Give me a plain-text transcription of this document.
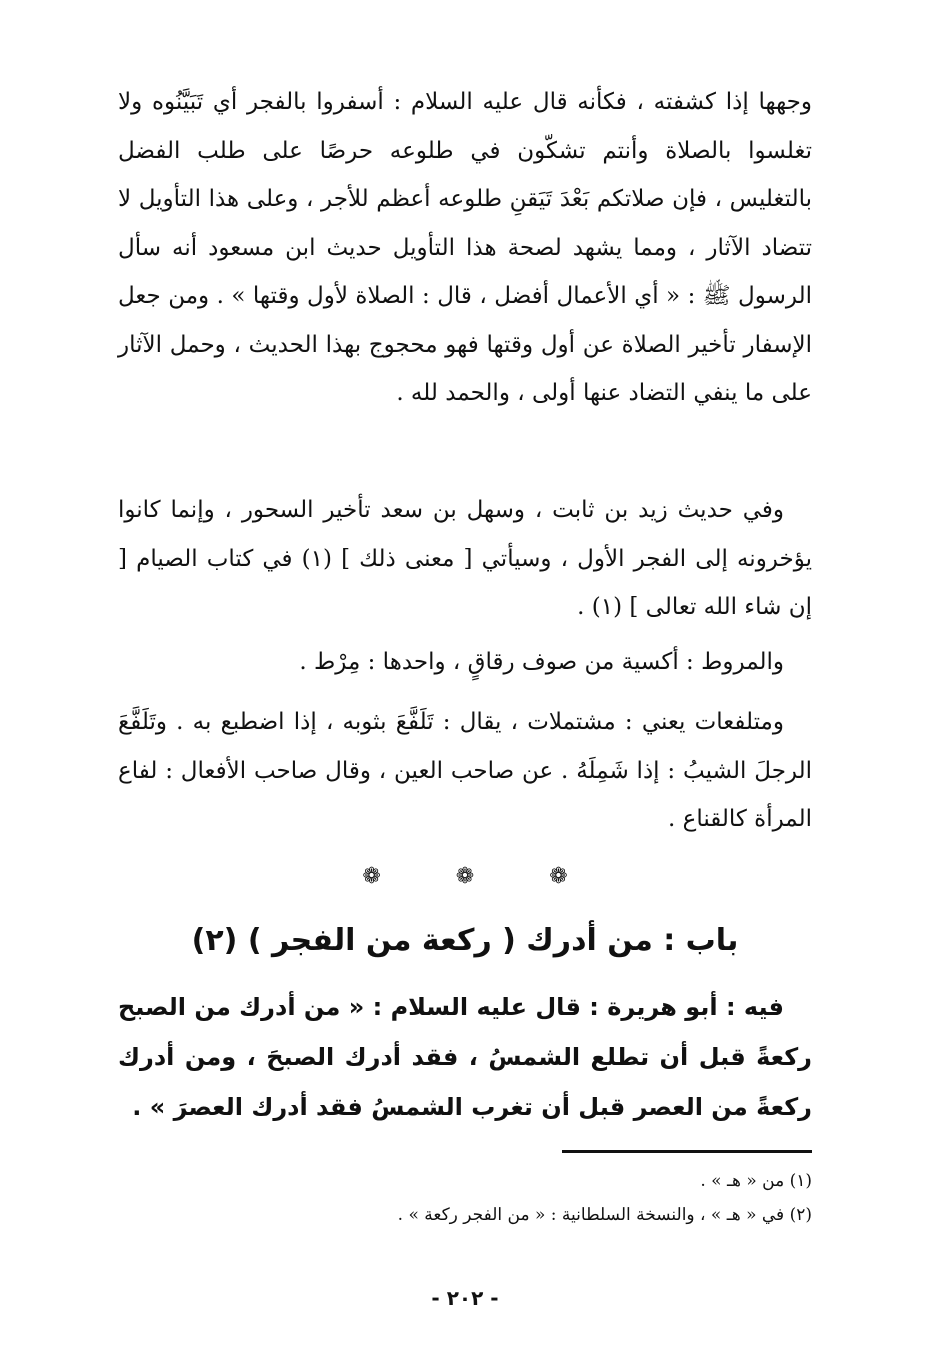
وجهها إذا كشفته ، فكأنه قال عليه السلام : أسفروا بالفجر أي تَبَيَّنُوه ولا تغلسوا بالصلاة وأنتم تشكّون في طلوعه حرصًا على طلب الفضل بالتغليس ، فإن صلاتكم بَعْدَ تَيَقنِ طلوعه أعظم للأجر ، وعلى هذا التأويل لا تتضاد الآثار ، ومما يشهد لصحة هذا التأويل حديث ابن مسعود أنه سأل الرسول ﷺ : « أي الأعمال أفضل ، قال : الصلاة لأول وقتها » . ومن جعل الإسفار تأخير الصلاة عن أول وقتها فهو محجوج بهذا الحديث ، وحمل الآثار على ما ينفي التضاد عنها أولى ، والحمد لله .

وفي حديث زيد بن ثابت ، وسهل بن سعد تأخير السحور ، وإنما كانوا يؤخرونه إلى الفجر الأول ، وسيأتي [ معنى ذلك ] (١) في كتاب الصيام [ إن شاء الله تعالى ] (١) .

والمروط : أكسية من صوف رقاقٍ ، واحدها : مِرْط .

ومتلفعات يعني : مشتملات ، يقال : تَلَفَّعَ بثوبه ، إذا اضطبع به . وتَلَفَّعَ الرجلَ الشيبُ : إذا شَمِلَهُ . عن صاحب العين ، وقال صاحب الأفعال : لفاع المرأة كالقناع .

❁ ❁ ❁
باب : من أدرك ( ركعة من الفجر ) (٢)

فيه : أبو هريرة : قال عليه السلام : « من أدرك من الصبح ركعةً قبل أن تطلع الشمسُ ، فقد أدرك الصبحَ ، ومن أدرك ركعةً من العصر قبل أن تغرب الشمسُ فقد أدرك العصرَ » .

(١) من « هـ » .

(٢) في « هـ » ، والنسخة السلطانية : « من الفجر ركعة » .

- ٢٠٢ -
